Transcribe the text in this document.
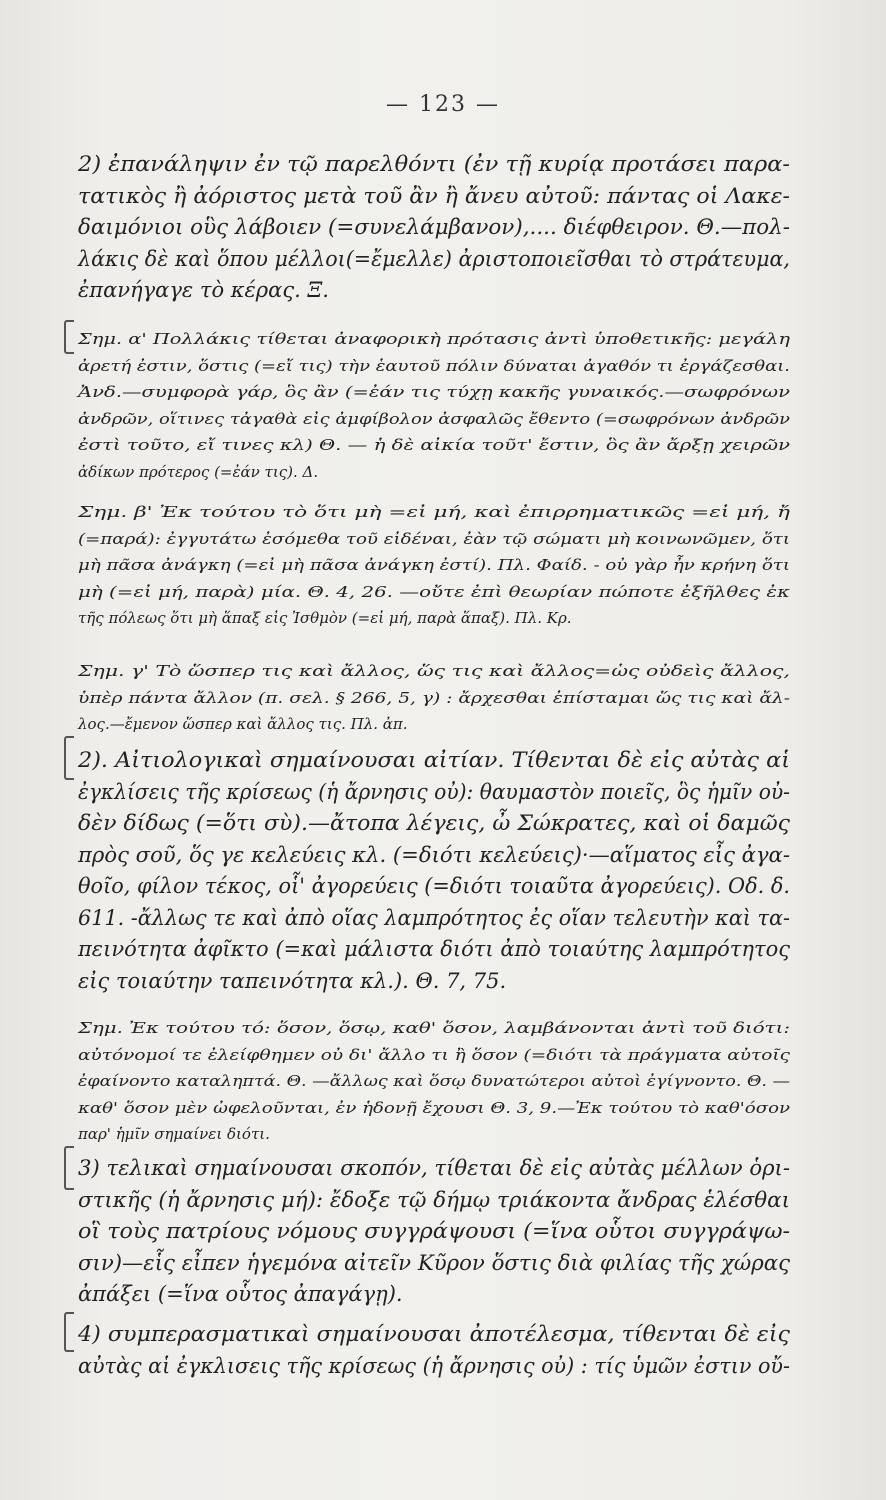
— 123 —
2) ἐπανάληψιν ἐν τῷ παρελθόντι (ἐν τῇ κυρίᾳ προτάσει παρα-
τατικὸς ἢ ἀόριστος μετὰ τοῦ ἂν ἢ ἄνευ αὐτοῦ: πάντας οἱ Λακε-
δαιμόνιοι οὓς λάβοιεν (=συνελάμβανον),.... διέφθειρον. Θ.—πολ-
λάκις δὲ καὶ ὅπου μέλλοι(=ἔμελλε) ἀριστοποιεῖσθαι τὸ στράτευμα,
ἐπανήγαγε τὸ κέρας. Ξ.
Σημ. α' Πολλάκις τίθεται ἀναφορικὴ πρότασις ἀντὶ ὑποθετικῆς: μεγάλη
ἀρετή ἐστιν, ὅστις (=εἴ τις) τὴν ἑαυτοῦ πόλιν δύναται ἀγαθόν τι ἐργάζεσθαι.
Ἀνδ.—συμφορὰ γάρ, ὃς ἂν (=ἐάν τις τύχῃ κακῆς γυναικός.—σωφρόνων
ἀνδρῶν, οἵτινες τἀγαθὰ εἰς ἀμφίβολον ἀσφαλῶς ἔθεντο (=σωφρόνων ἀνδρῶν
ἐστὶ τοῦτο, εἴ τινες κλ) Θ. — ἡ δὲ αἰκία τοῦτ' ἔστιν, ὃς ἂν ἄρξῃ χειρῶν
ἀδίκων πρότερος (=ἐάν τις). Δ.
Σημ. β' Ἐκ τούτου τὸ ὅτι μὴ =εἰ μή, καὶ ἐπιρρηματικῶς =εἰ μή, ἤ
(=παρά): ἐγγυτάτω ἐσόμεθα τοῦ εἰδέναι, ἐὰν τῷ σώματι μὴ κοινωνῶμεν, ὅτι
μὴ πᾶσα ἀνάγκη (=εἰ μὴ πᾶσα ἀνάγκη ἐστί). Πλ. Φαίδ. - οὐ γὰρ ἦν κρήνη ὅτι
μὴ (=εἰ μή, παρὰ) μία. Θ. 4, 26. —οὔτε ἐπὶ θεωρίαν πώποτε ἐξῆλθες ἐκ
τῆς πόλεως ὅτι μὴ ἅπαξ εἰς Ἰσθμὸν (=εἰ μή, παρὰ ἅπαξ). Πλ. Κρ.
Σημ. γ' Τὸ ὥσπερ τις καὶ ἄλλος, ὥς τις καὶ ἄλλος=ὡς οὐδεὶς ἄλλος,
ὑπὲρ πάντα ἄλλον (π. σελ. § 266, 5, γ) : ἄρχεσθαι ἐπίσταμαι ὥς τις καὶ ἄλ-
λος.—ἔμενον ὥσπερ καὶ ἄλλος τις. Πλ. ἀπ.
2). Αἰτιολογικαὶ σημαίνουσαι αἰτίαν. Τίθενται δὲ εἰς αὐτὰς αἱ
ἐγκλίσεις τῆς κρίσεως (ἡ ἄρνησις οὐ): θαυμαστὸν ποιεῖς, ὃς ἡμῖν οὐ-
δὲν δίδως (=ὅτι σὺ).—ἄτοπα λέγεις, ὦ Σώκρατες, καὶ οἱ δαμῶς
πρὸς σοῦ, ὅς γε κελεύεις κλ. (=διότι κελεύεις)·—αἵματος εἶς ἀγα-
θοῖο, φίλον τέκος, οἷ' ἀγορεύεις (=διότι τοιαῦτα ἀγορεύεις). Οδ. δ.
611. -ἄλλως τε καὶ ἀπὸ οἵας λαμπρότητος ἐς οἵαν τελευτὴν καὶ τα-
πεινότητα ἀφῖκτο (=καὶ μάλιστα διότι ἀπὸ τοιαύτης λαμπρότητος
εἰς τοιαύτην ταπεινότητα κλ.). Θ. 7, 75.
Σημ. Ἐκ τούτου τό: ὅσον, ὅσῳ, καθ' ὅσον, λαμβάνονται ἀντὶ τοῦ διότι:
αὐτόνομοί τε ἐλείφθημεν οὐ δι' ἄλλο τι ἢ ὅσον (=διότι τὰ πράγματα αὐτοῖς
ἐφαίνοντο καταληπτά. Θ. —ἄλλως καὶ ὅσῳ δυνατώτεροι αὐτοὶ ἐγίγνοντο. Θ. —
καθ' ὅσον μὲν ὠφελοῦνται, ἐν ἡδονῇ ἔχουσι Θ. 3, 9.—Ἐκ τούτου τὸ καθ'όσον
παρ' ἡμῖν σημαίνει διότι.
3) τελικαὶ σημαίνουσαι σκοπόν, τίθεται δὲ εἰς αὐτὰς μέλλων ὁρι-
στικῆς (ἡ ἄρνησις μή): ἔδοξε τῷ δήμῳ τριάκοντα ἄνδρας ἑλέσθαι
οἳ τοὺς πατρίους νόμους συγγράψουσι (=ἵνα οὗτοι συγγράψω-
σιν)—εἷς εἶπεν ἡγεμόνα αἰτεῖν Κῦρον ὅστις διὰ φιλίας τῆς χώρας
ἀπάξει (=ἵνα οὗτος ἀπαγάγῃ).
4) συμπερασματικαὶ σημαίνουσαι ἀποτέλεσμα, τίθενται δὲ εἰς
αὐτὰς αἱ ἐγκλισεις τῆς κρίσεως (ἡ ἄρνησις οὐ) : τίς ὑμῶν ἐστιν οὔ-
